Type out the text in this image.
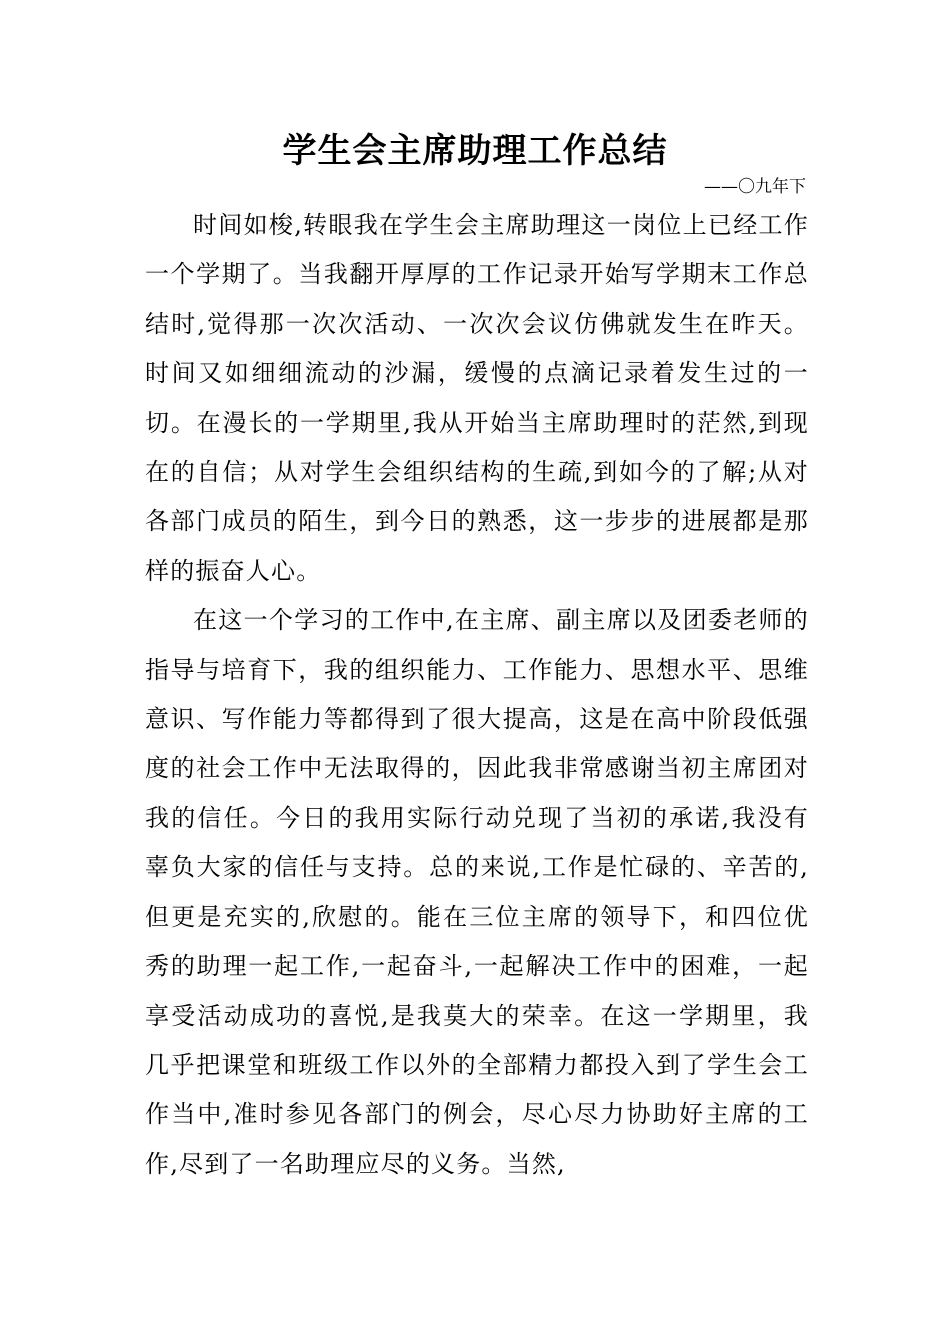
学生会主席助理工作总结
——〇九年下

时间如梭,转眼我在学生会主席助理这一岗位上已经工作一个学期了。当我翻开厚厚的工作记录开始写学期末工作总结时,觉得那一次次活动、一次次会议仿佛就发生在昨天。时间又如细细流动的沙漏，缓慢的点滴记录着发生过的一切。在漫长的一学期里,我从开始当主席助理时的茫然,到现在的自信；从对学生会组织结构的生疏,到如今的了解;从对各部门成员的陌生，到今日的熟悉，这一步步的进展都是那样的振奋人心。

在这一个学习的工作中,在主席、副主席以及团委老师的指导与培育下，我的组织能力、工作能力、思想水平、思维意识、写作能力等都得到了很大提高，这是在高中阶段低强度的社会工作中无法取得的，因此我非常感谢当初主席团对我的信任。今日的我用实际行动兑现了当初的承诺,我没有辜负大家的信任与支持。总的来说,工作是忙碌的、辛苦的,但更是充实的,欣慰的。能在三位主席的领导下，和四位优秀的助理一起工作,一起奋斗,一起解决工作中的困难，一起享受活动成功的喜悦,是我莫大的荣幸。在这一学期里，我几乎把课堂和班级工作以外的全部精力都投入到了学生会工作当中,准时参见各部门的例会，尽心尽力协助好主席的工作,尽到了一名助理应尽的义务。当然,
